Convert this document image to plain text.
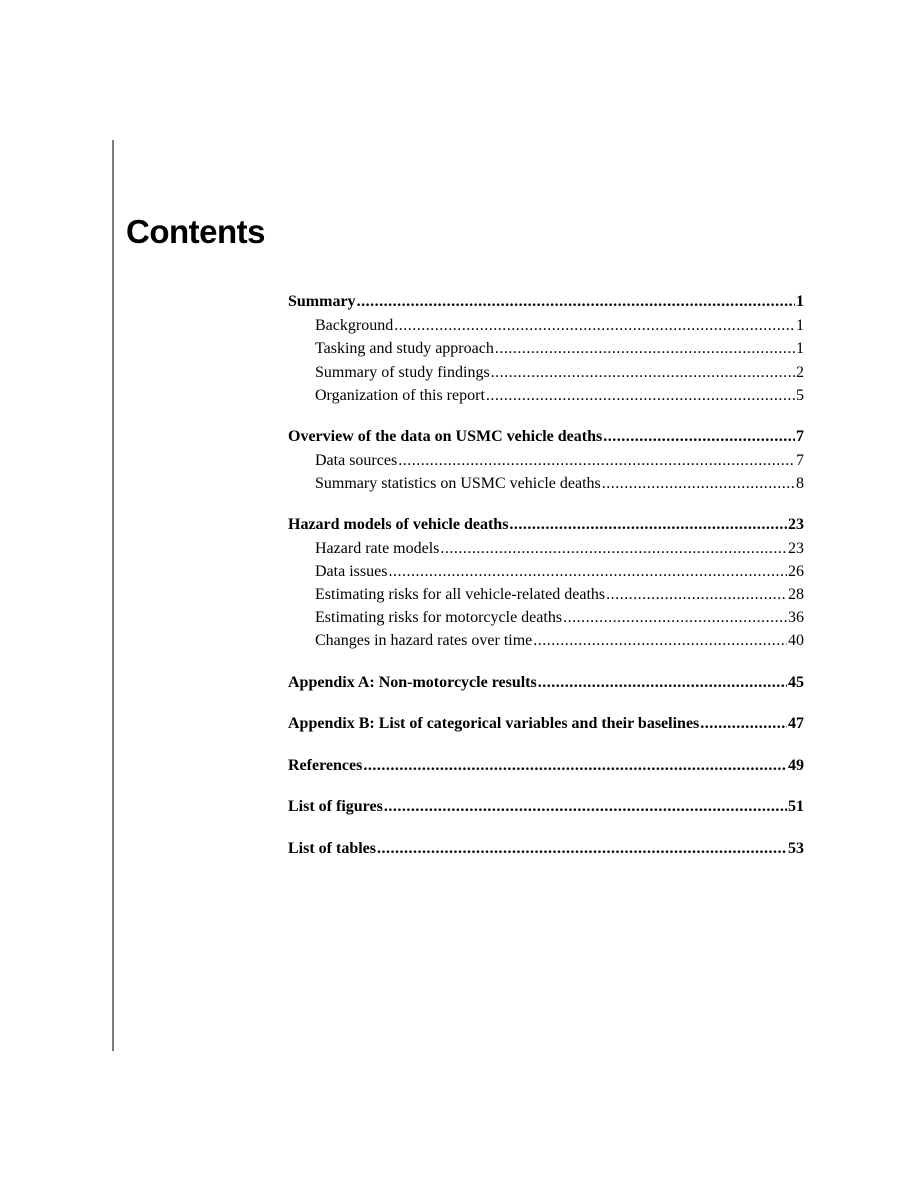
Contents
Summary .....	1
Background .....	1
Tasking and study approach .....	1
Summary of study findings .....	2
Organization of this report .....	5
Overview of the data on USMC vehicle deaths .....	7
Data sources .....	7
Summary statistics on USMC vehicle deaths .....	8
Hazard models of vehicle deaths .....	23
Hazard rate models .....	23
Data issues .....	26
Estimating risks for all vehicle-related deaths .....	28
Estimating risks for motorcycle deaths .....	36
Changes in hazard rates over time .....	40
Appendix A: Non-motorcycle results .....	45
Appendix B: List of categorical variables and their baselines .....	47
References .....	49
List of figures .....	51
List of tables .....	53
